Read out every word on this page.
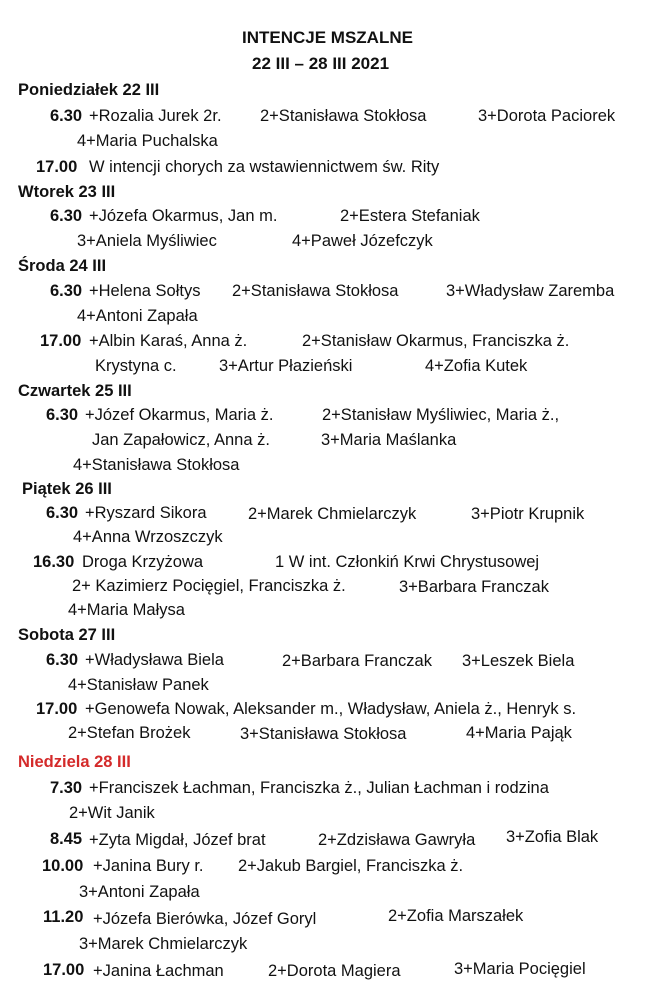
INTENCJE MSZALNE
22 III – 28 III 2021
Poniedziałek 22 III
6.30 +Rozalia Jurek 2r. 2+Stanisława Stokłosa	3+Dorota Paciorek
4+Maria Puchalska
17.00 W intencji chorych za wstawiennictwem św. Rity
Wtorek 23 III
6.30 +Józefa Okarmus, Jan m.	2+Estera Stefaniak
3+Aniela Myśliwiec	4+Paweł Józefczyk
Środa 24 III
6.30 +Helena Sołtys 2+Stanisława Stokłosa	3+Władysław Zaremba
4+Antoni Zapała
17.00 +Albin Karaś, Anna ż.	2+Stanisław Okarmus, Franciszka ż.
Krystyna c.	3+Artur Płazieński	4+Zofia Kutek
Czwartek 25 III
6.30 +Józef Okarmus, Maria ż.	2+Stanisław Myśliwiec, Maria ż.,
Jan Zapałowicz, Anna ż.	3+Maria Maślanka
4+Stanisława Stokłosa
Piątek 26 III
6.30 +Ryszard Sikora	2+Marek Chmielarczyk	3+Piotr Krupnik
4+Anna Wrzoszczyk
16.30 Droga Krzyżowa	1 W int. Członkiń Krwi Chrystusowej
2+ Kazimierz Pocięgiel, Franciszka ż.	3+Barbara Franczak
4+Maria Małysa
Sobota 27 III
6.30 +Władysława Biela	2+Barbara Franczak 3+Leszek Biela
4+Stanisław Panek
17.00 +Genowefa Nowak, Aleksander m., Władysław, Aniela ż., Henryk s.
2+Stefan Brożek	3+Stanisława Stokłosa	4+Maria Pająk
Niedziela 28 III
7.30 +Franciszek Łachman, Franciszka ż., Julian Łachman i rodzina
2+Wit Janik
8.45 +Zyta Migdał, Józef brat	2+Zdzisława Gawryła 3+Zofia Blak
10.00 +Janina Bury r. 2+Jakub Bargiel, Franciszka ż.
3+Antoni Zapała
11.20 +Józefa Bierówka, Józef Goryl	2+Zofia Marszałek
3+Marek Chmielarczyk
17.00 +Janina Łachman	2+Dorota Magiera	3+Maria Pocięgiel
